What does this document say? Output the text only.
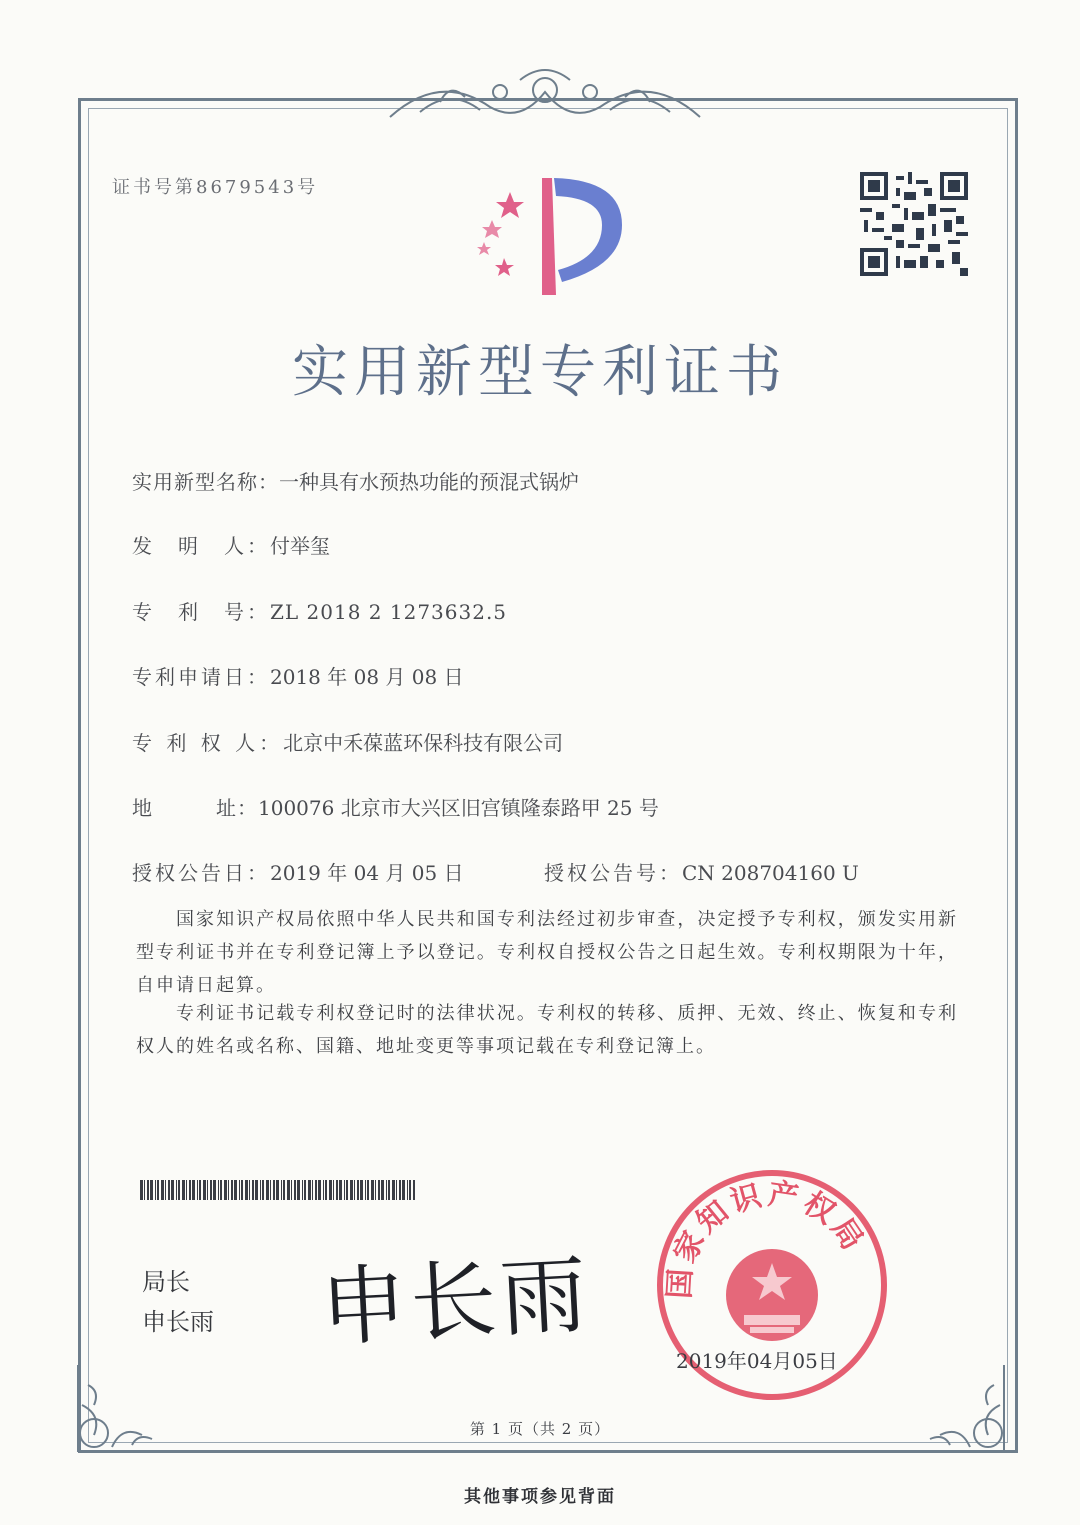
证书号第8679543号
实用新型专利证书
实用新型名称：一种具有水预热功能的预混式锅炉
发　明　人：付举玺
专　利　号：ZL 2018 2 1273632.5
专利申请日：2018 年 08 月 08 日
专 利 权 人：北京中禾葆蓝环保科技有限公司
地　　　址：100076 北京市大兴区旧宫镇隆泰路甲 25 号
授权公告日：2019 年 04 月 05 日	授权公告号：CN 208704160 U
国家知识产权局依照中华人民共和国专利法经过初步审查，决定授予专利权，颁发实用新型专利证书并在专利登记簿上予以登记。专利权自授权公告之日起生效。专利权期限为十年，自申请日起算。
专利证书记载专利权登记时的法律状况。专利权的转移、质押、无效、终止、恢复和专利权人的姓名或名称、国籍、地址变更等事项记载在专利登记簿上。
局长
申长雨 申长雨 国家知识产权局
2019年04月05日
第 1 页（共 2 页）
其他事项参见背面
